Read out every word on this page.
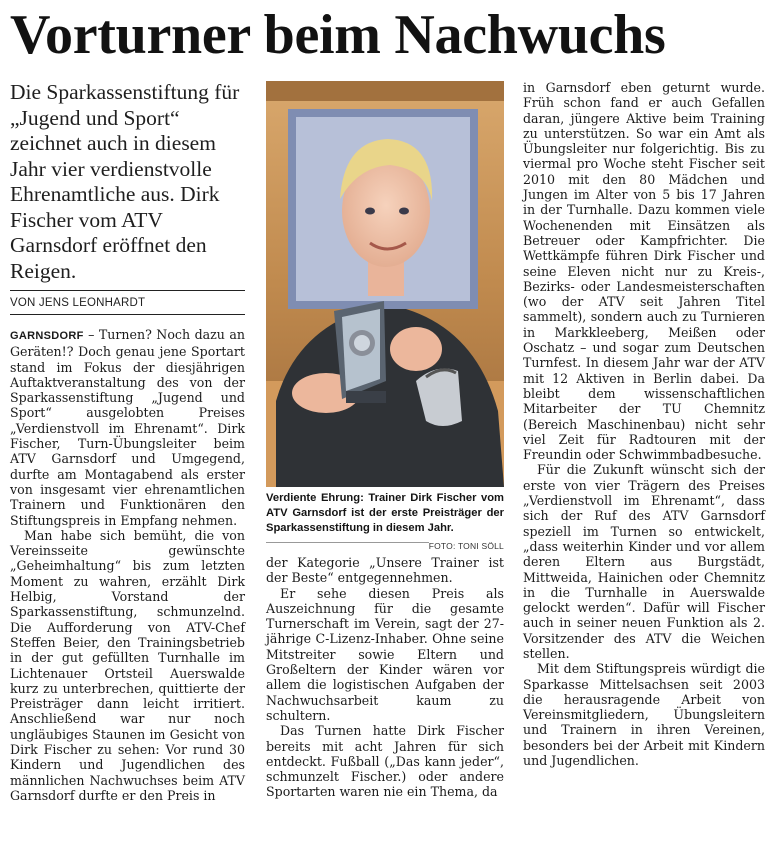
Vorturner beim Nachwuchs
Die Sparkassenstiftung für „Jugend und Sport“ zeichnet auch in diesem Jahr vier verdienstvolle Ehrenamtliche aus. Dirk Fischer vom ATV Garnsdorf eröffnet den Reigen.
VON JENS LEONHARDT

GARNSDORF – Turnen? Noch dazu an Geräten!? Doch genau jene Sportart stand im Fokus der diesjährigen Auftaktveranstaltung des von der Sparkassenstiftung „Jugend und Sport“ ausgelobten Preises „Verdienstvoll im Ehrenamt“. Dirk Fischer, Turn-Übungsleiter beim ATV Garnsdorf und Umgegend, durfte am Montagabend als erster von insgesamt vier ehrenamtlichen Trainern und Funktionären den Stiftungspreis in Empfang nehmen.

Man habe sich bemüht, die von Vereinsseite gewünschte „Geheimhaltung“ bis zum letzten Moment zu wahren, erzählt Dirk Helbig, Vorstand der Sparkassenstiftung, schmunzelnd. Die Aufforderung von ATV-Chef Steffen Beier, den Trainingsbetrieb in der gut gefüllten Turnhalle im Lichtenauer Ortsteil Auerswalde kurz zu unterbrechen, quittierte der Preisträger dann leicht irritiert. Anschließend war nur noch ungläubiges Staunen im Gesicht von Dirk Fischer zu sehen: Vor rund 30 Kindern und Jugendlichen des männlichen Nachwuchses beim ATV Garnsdorf durfte er den Preis in

Verdiente Ehrung: Trainer Dirk Fischer vom ATV Garnsdorf ist der erste Preisträger der Sparkassenstiftung in diesem Jahr.
FOTO: TONI SÖLL

der Kategorie „Unsere Trainer ist der Beste“ entgegennehmen.

Er sehe diesen Preis als Auszeichnung für die gesamte Turnerschaft im Verein, sagt der 27-jährige C-Lizenz-Inhaber. Ohne seine Mitstreiter sowie Eltern und Großeltern der Kinder wären vor allem die logistischen Aufgaben der Nachwuchsarbeit kaum zu schultern.

Das Turnen hatte Dirk Fischer bereits mit acht Jahren für sich entdeckt. Fußball („Das kann jeder“, schmunzelt Fischer.) oder andere Sportarten waren nie ein Thema, da

in Garnsdorf eben geturnt wurde. Früh schon fand er auch Gefallen daran, jüngere Aktive beim Training zu unterstützen. So war ein Amt als Übungsleiter nur folgerichtig. Bis zu viermal pro Woche steht Fischer seit 2010 mit den 80 Mädchen und Jungen im Alter von 5 bis 17 Jahren in der Turnhalle. Dazu kommen viele Wochenenden mit Einsätzen als Betreuer oder Kampfrichter. Die Wettkämpfe führen Dirk Fischer und seine Eleven nicht nur zu Kreis-, Bezirks- oder Landesmeisterschaften (wo der ATV seit Jahren Titel sammelt), sondern auch zu Turnieren in Markkleeberg, Meißen oder Oschatz – und sogar zum Deutschen Turnfest. In diesem Jahr war der ATV mit 12 Aktiven in Berlin dabei. Da bleibt dem wissenschaftlichen Mitarbeiter der TU Chemnitz (Bereich Maschinenbau) nicht sehr viel Zeit für Radtouren mit der Freundin oder Schwimmbadbesuche.

Für die Zukunft wünscht sich der erste von vier Trägern des Preises „Verdienstvoll im Ehrenamt“, dass sich der Ruf des ATV Garnsdorf speziell im Turnen so entwickelt, „dass weiterhin Kinder und vor allem deren Eltern aus Burgstädt, Mittweida, Hainichen oder Chemnitz in die Turnhalle in Auerswalde gelockt werden“. Dafür will Fischer auch in seiner neuen Funktion als 2. Vorsitzender des ATV die Weichen stellen.

Mit dem Stiftungspreis würdigt die Sparkasse Mittelsachsen seit 2003 die herausragende Arbeit von Vereinsmitgliedern, Übungsleitern und Trainern in ihren Vereinen, besonders bei der Arbeit mit Kindern und Jugendlichen.
